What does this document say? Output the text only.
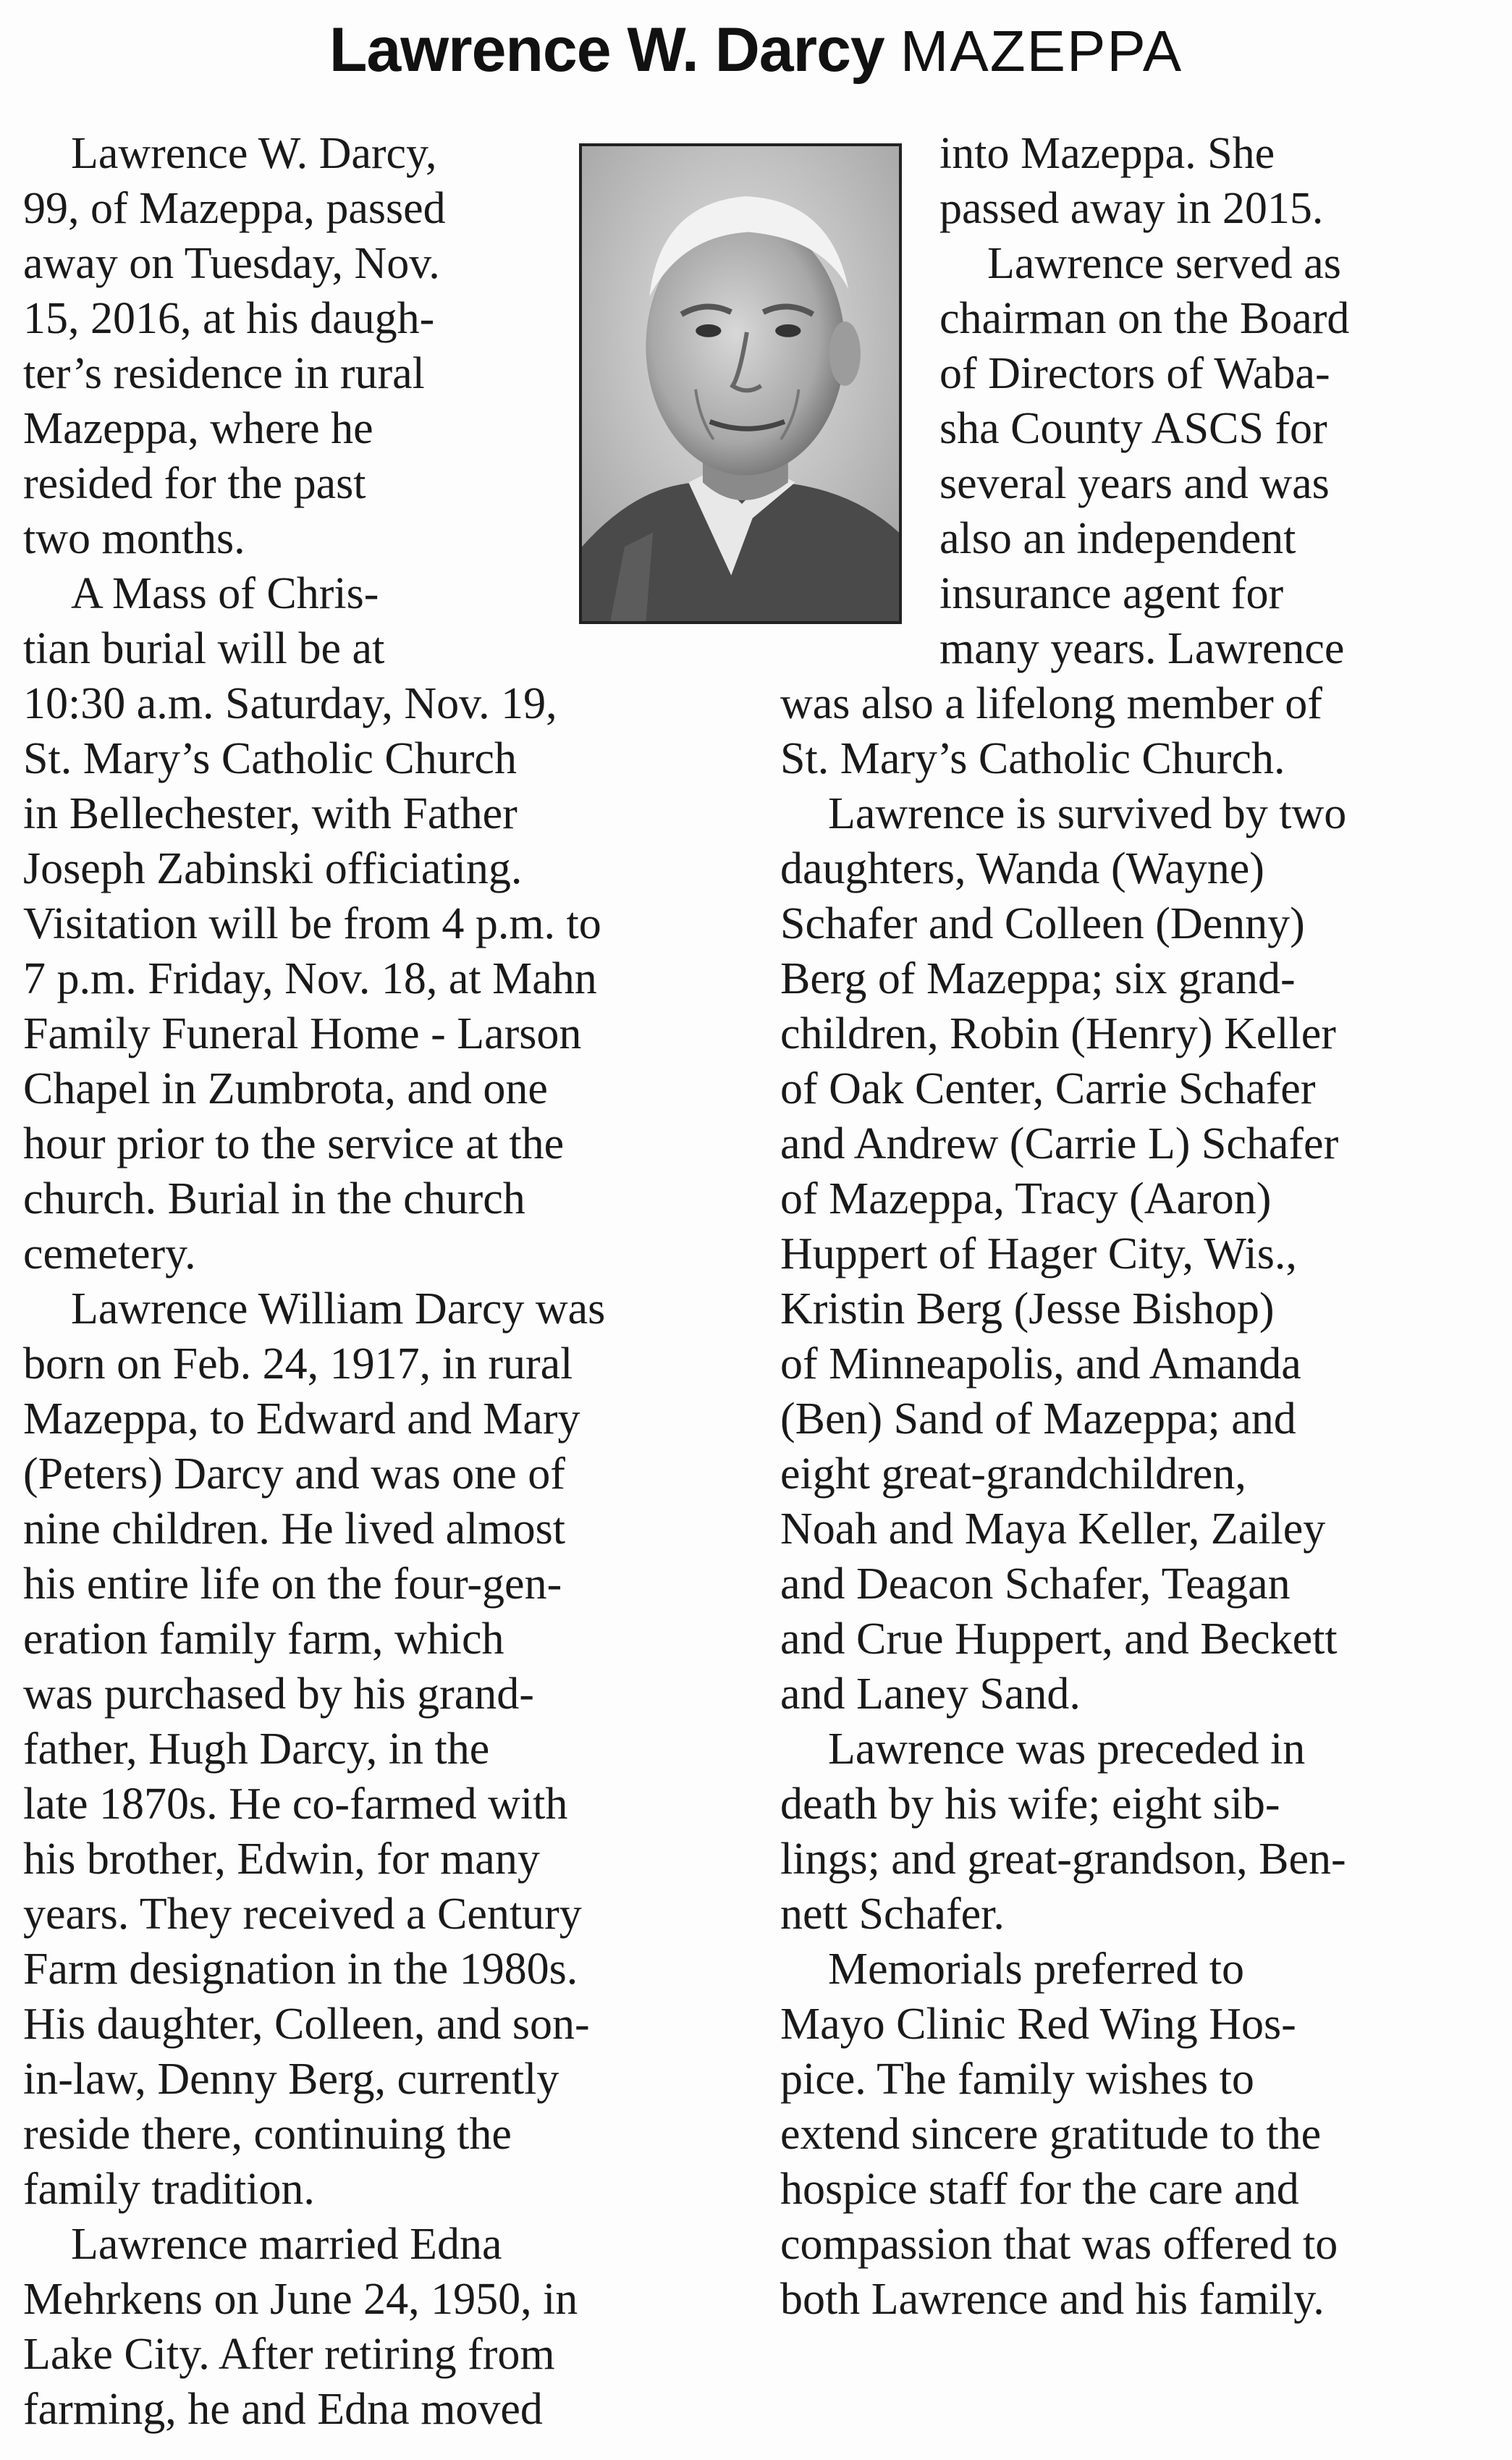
Lawrence W. Darcy MAZEPPA
Lawrence W. Darcy,
99, of Mazeppa, passed
away on Tuesday, Nov.
15, 2016, at his daugh-
ter’s residence in rural
Mazeppa, where he
resided for the past
two months.
A Mass of Chris-
tian burial will be at
10:30 a.m. Saturday, Nov. 19,
St. Mary’s Catholic Church
in Bellechester, with Father
Joseph Zabinski officiating.
Visitation will be from 4 p.m. to
7 p.m. Friday, Nov. 18, at Mahn
Family Funeral Home - Larson
Chapel in Zumbrota, and one
hour prior to the service at the
church. Burial in the church
cemetery.
Lawrence William Darcy was
born on Feb. 24, 1917, in rural
Mazeppa, to Edward and Mary
(Peters) Darcy and was one of
nine children. He lived almost
his entire life on the four-gen-
eration family farm, which
was purchased by his grand-
father, Hugh Darcy, in the
late 1870s. He co-farmed with
his brother, Edwin, for many
years. They received a Century
Farm designation in the 1980s.
His daughter, Colleen, and son-
in-law, Denny Berg, currently
reside there, continuing the
family tradition.
Lawrence married Edna
Mehrkens on June 24, 1950, in
Lake City. After retiring from
farming, he and Edna moved
into Mazeppa. She
passed away in 2015.
Lawrence served as
chairman on the Board
of Directors of Waba-
sha County ASCS for
several years and was
also an independent
insurance agent for
many years. Lawrence
was also a lifelong member of
St. Mary’s Catholic Church.
Lawrence is survived by two
daughters, Wanda (Wayne)
Schafer and Colleen (Denny)
Berg of Mazeppa; six grand-
children, Robin (Henry) Keller
of Oak Center, Carrie Schafer
and Andrew (Carrie L) Schafer
of Mazeppa, Tracy (Aaron)
Huppert of Hager City, Wis.,
Kristin Berg (Jesse Bishop)
of Minneapolis, and Amanda
(Ben) Sand of Mazeppa; and
eight great-grandchildren,
Noah and Maya Keller, Zailey
and Deacon Schafer, Teagan
and Crue Huppert, and Beckett
and Laney Sand.
Lawrence was preceded in
death by his wife; eight sib-
lings; and great-grandson, Ben-
nett Schafer.
Memorials preferred to
Mayo Clinic Red Wing Hos-
pice. The family wishes to
extend sincere gratitude to the
hospice staff for the care and
compassion that was offered to
both Lawrence and his family.
